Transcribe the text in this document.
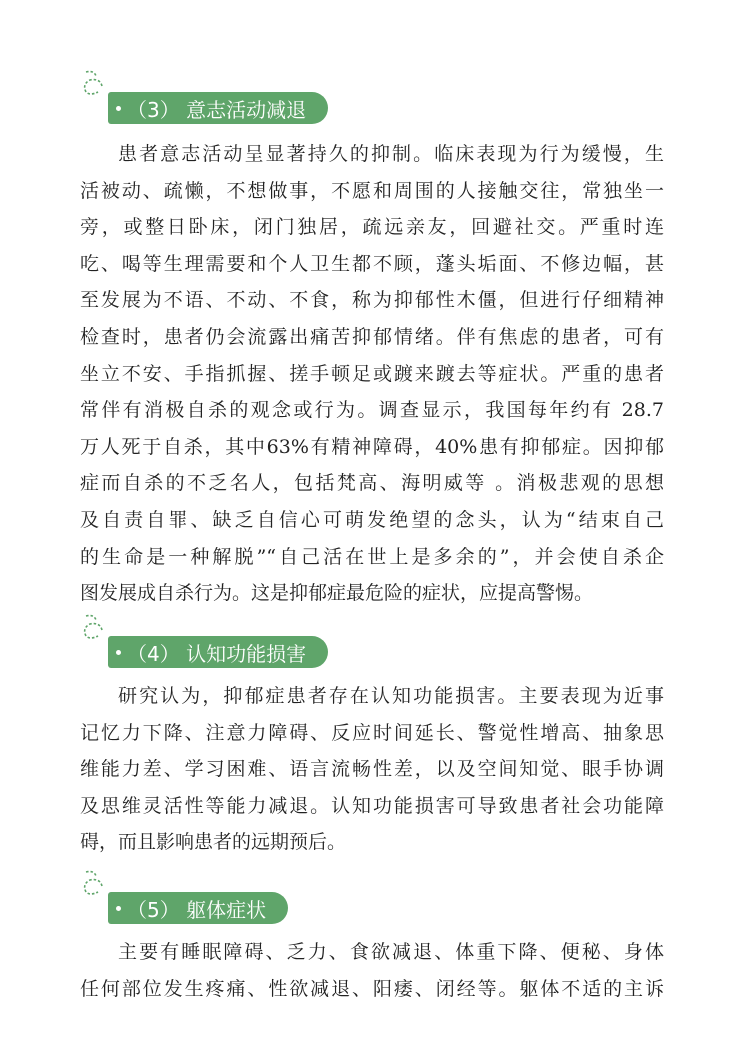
（3） 意志活动减退
患者意志活动呈显著持久的抑制。临床表现为行为缓慢，生
活被动、疏懒，不想做事，不愿和周围的人接触交往，常独坐一
旁，或整日卧床，闭门独居，疏远亲友，回避社交。严重时连
吃、喝等生理需要和个人卫生都不顾，蓬头垢面、不修边幅，甚
至发展为不语、不动、不食，称为抑郁性木僵，但进行仔细精神
检查时，患者仍会流露出痛苦抑郁情绪。伴有焦虑的患者，可有
坐立不安、手指抓握、搓手顿足或踱来踱去等症状。严重的患者
常伴有消极自杀的观念或行为。调查显示，我国每年约有 28.7
万人死于自杀，其中63%有精神障碍，40%患有抑郁症。因抑郁
症而自杀的不乏名人，包括梵高、海明威等 。消极悲观的思想
及自责自罪、缺乏自信心可萌发绝望的念头，认为“结束自己
的生命是一种解脱”“自己活在世上是多余的”，并会使自杀企
图发展成自杀行为。这是抑郁症最危险的症状，应提高警惕。
（4） 认知功能损害
研究认为，抑郁症患者存在认知功能损害。主要表现为近事
记忆力下降、注意力障碍、反应时间延长、警觉性增高、抽象思
维能力差、学习困难、语言流畅性差，以及空间知觉、眼手协调
及思维灵活性等能力减退。认知功能损害可导致患者社会功能障
碍，而且影响患者的远期预后。
（5） 躯体症状
主要有睡眠障碍、乏力、食欲减退、体重下降、便秘、身体
任何部位发生疼痛、性欲减退、阳痿、闭经等。躯体不适的主诉
